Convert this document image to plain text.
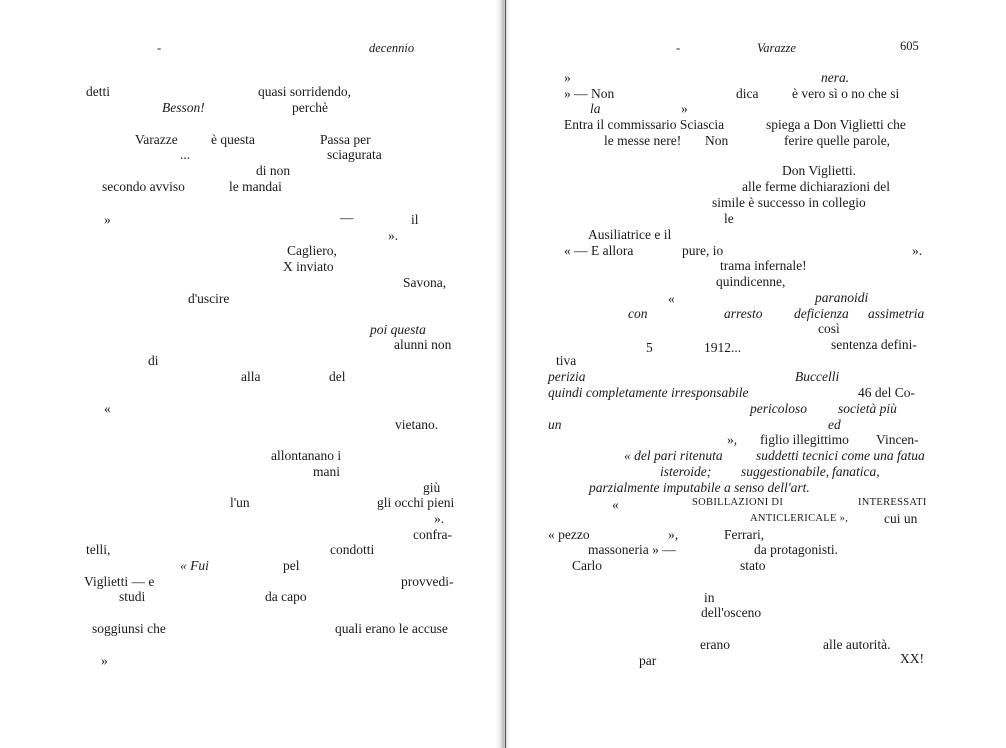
-	decennio
detti	quasi sorridendo,
Besson!	perchè
Varazze è questa	Passa per
...	sciagurata
di non
secondo avviso	le mandai
»	—	il
».
Cagliero,
X inviato
Savona,
d'uscire
poi questa
alunni non
di
alla	del
«
vietano.
allontanano i
mani
giù
l'un	gli occhi pieni
».
confra-
telli,	condotti
« Fui	pel
Viglietti — e	provvedi-
studi	da capo
soggiunsi che	quali erano le accuse
»
-	Varazze	605
»	nera.
» — Non	dica è vero sì o no che si
la	»
Entra il commissario Sciascia	spiega a Don Viglietti che
le messe nere! Non	ferire quelle parole,
Don Viglietti.
alle ferme dichiarazioni del
simile è successo in collegio
le
Ausiliatrice e il
« — E allora	pure, io	».
trama infernale!
quindicenne,
«	paranoidi
con	arresto deficienza assimetria
così
5	1912...	sentenza defini-
tiva
perizia	Buccelli
quindi completamente irresponsabile	46 del Co-
pericoloso società più
un	ed
», figlio illegittimo Vincen-
« del pari ritenuta suddetti tecnici come una fatua
isteroide; suggestionabile, fanatica,
parzialmente imputabile a senso dell'art.
«	SOBILLAZIONI DI	INTERESSATI
ANTICLERICALE »,	cui un
« pezzo	»,	Ferrari,
massoneria » —	da protagonisti.
Carlo	stato
in
dell'osceno
erano	alle autorità.
par	XX!
